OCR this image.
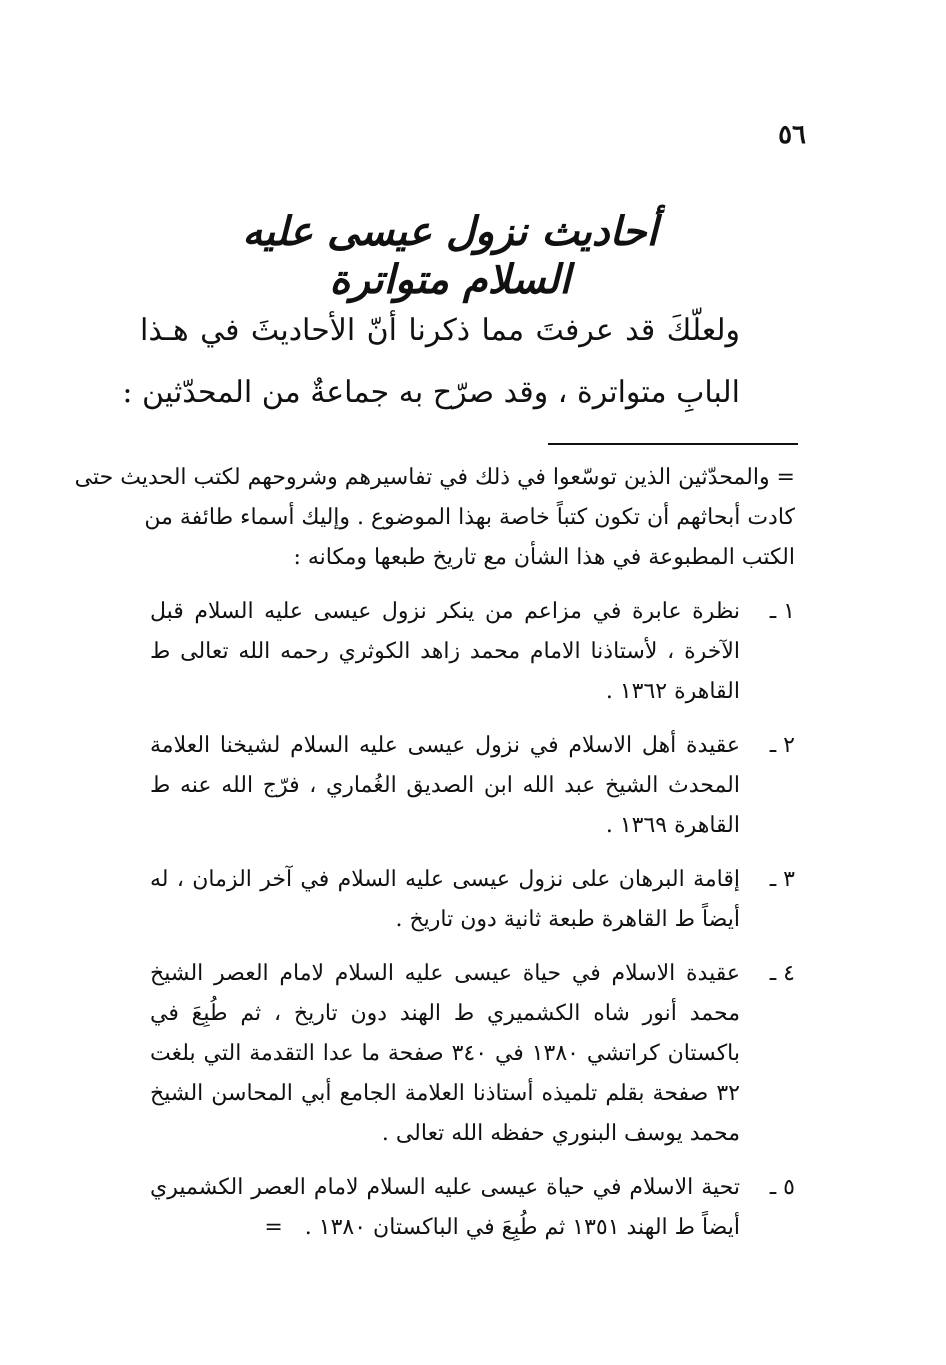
٥٦
أحاديث نزول عيسى عليه السلام متواترة
ولعلّكَ قد عرفتَ مما ذكرنا أنّ الأحاديثَ في هـذا
البابِ متواترة ، وقد صرّح به جماعةٌ من المحدّثين :
= والمحدّثين الذين توسّعوا في ذلك في تفاسيرهم وشروحهم لكتب الحديث حتى
كادت أبحاثهم أن تكون كتباً خاصة بهذا الموضوع . وإليك أسماء طائفة من
الكتب المطبوعة في هذا الشأن مع تاريخ طبعها ومكانه :
١ ـ
نظرة عابرة في مزاعم من ينكر نزول عيسى عليه السلام قبل الآخرة ، لأستاذنا الامام محمد زاهد الكوثري رحمه الله تعالى ط القاهرة ١٣٦٢ .
٢ ـ
عقيدة أهل الاسلام في نزول عيسى عليه السلام لشيخنا العلامة المحدث الشيخ عبد الله ابن الصديق الغُماري ، فرّج الله عنه ط القاهرة ١٣٦٩ .
٣ ـ
إقامة البرهان على نزول عيسى عليه السلام في آخر الزمان ، له أيضاً ط القاهرة طبعة ثانية دون تاريخ .
٤ ـ
عقيدة الاسلام في حياة عيسى عليه السلام لامام العصر الشيخ محمد أنور شاه الكشميري ط الهند دون تاريخ ، ثم طُبِعَ في باكستان كراتشي ١٣٨٠ في ٣٤٠ صفحة ما عدا التقدمة التي بلغت ٣٢ صفحة بقلم تلميذه أستاذنا العلامة الجامع أبي المحاسن الشيخ محمد يوسف البنوري حفظه الله تعالى .
٥ ـ
تحية الاسلام في حياة عيسى عليه السلام لامام العصر الكشميري أيضاً ط الهند ١٣٥١ ثم طُبِعَ في الباكستان ١٣٨٠ .=
